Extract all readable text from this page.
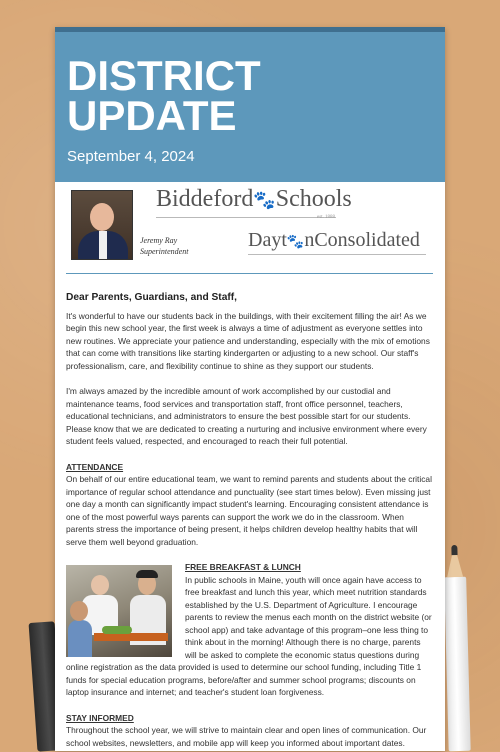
DISTRICT UPDATE
September 4, 2024
Jeremy Ray
Superintendent
Biddeford🐾Schools
est. 1888
Dayt🐾nConsolidated
Dear Parents, Guardians, and Staff,

It's wonderful to have our students back in the buildings, with their excitement filling the air! As we begin this new school year, the first week is always a time of adjustment as everyone settles into new routines. We appreciate your patience and understanding, especially with the mix of emotions that can come with transitions like starting kindergarten or adjusting to a new school. Our staff's professionalism, care, and flexibility continue to shine as they support our students.

I'm always amazed by the incredible amount of work accomplished by our custodial and maintenance teams, food services and transportation staff, front office personnel, teachers, educational technicians, and administrators to ensure the best possible start for our students. Please know that we are dedicated to creating a nurturing and inclusive environment where every student feels valued, respected, and encouraged to reach their full potential.

ATTENDANCE

On behalf of our entire educational team, we want to remind parents and students about the critical importance of regular school attendance and punctuality (see start times below). Even missing just one day a month can significantly impact student's learning. Encouraging consistent attendance is one of the most powerful ways parents can support the work we do in the classroom. When parents stress the importance of being present, it helps children develop healthy habits that will serve them well beyond graduation.

FREE BREAKFAST & LUNCH

In public schools in Maine, youth will once again have access to free breakfast and lunch this year, which meet nutrition standards established by the U.S. Department of Agriculture. I encourage parents to review the menus each month on the district website (or school app) and take advantage of this program–one less thing to think about in the morning! Although there is no charge, parents will be asked to complete the economic status questions during online registration as the data provided is used to determine our school funding, including Title 1 funds for special education programs, before/after and summer school programs; discounts on laptop insurance and internet; and teacher's student loan forgiveness.

STAY INFORMED

Throughout the school year, we will strive to maintain clear and open lines of communication. Our school websites, newsletters, and mobile app will keep you informed about important dates.
